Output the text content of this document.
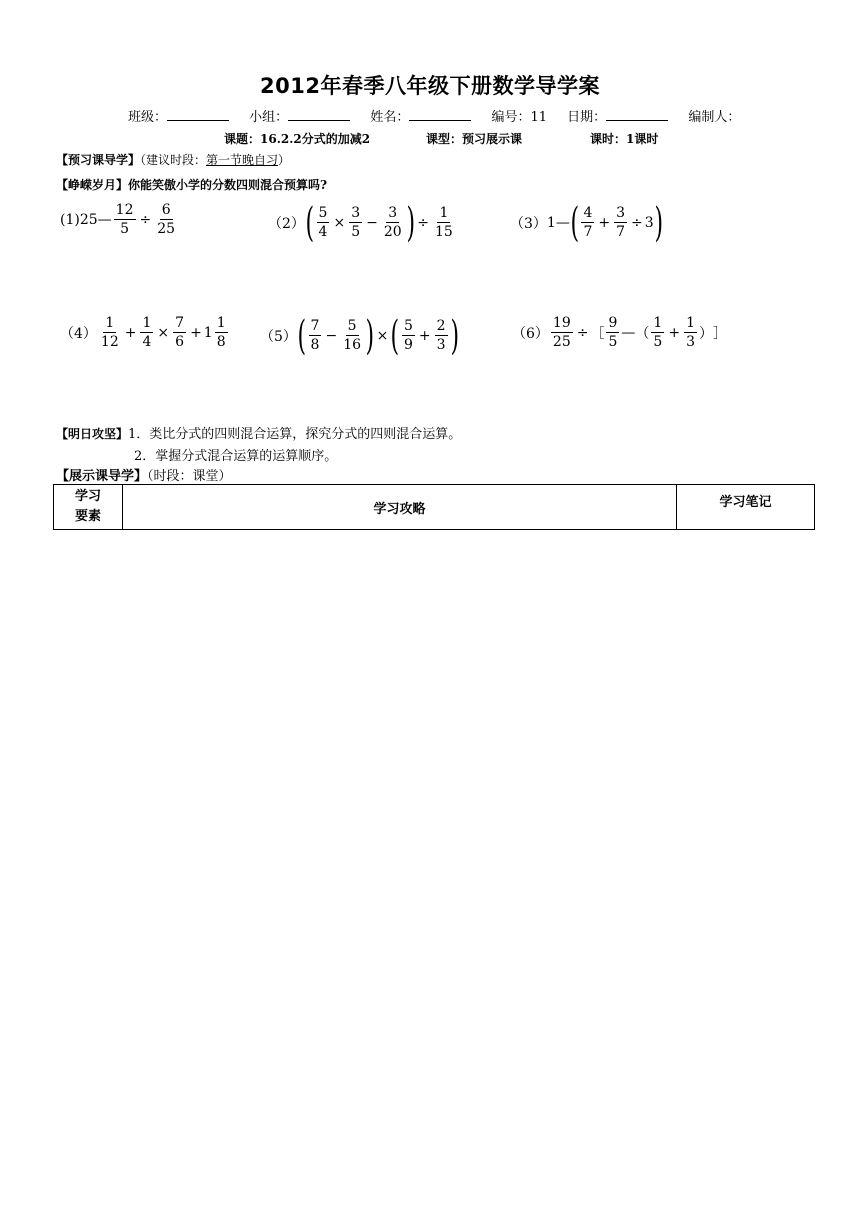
2012年春季八年级下册数学导学案
班级：	小组：	姓名：	编号：11 日期：	编制人：
课题：16.2.2分式的加减2	课型：预习展示课	课时：1课时
【预习课导学】（建议时段：第一节晚自习）
【峥嵘岁月】你能笑傲小学的分数四则混合预算吗?
(1) 25 — $\frac{12}{5} \div \frac{6}{25}$	（2） ( $\frac{5}{4} \times \frac{3}{5} - \frac{3}{20}$ ) ÷ $\frac{1}{15}$	（3） 1 — ( $\frac{4}{7} + \frac{3}{7} \div 3$ )
$(4) \frac{1}{12} + \frac{1}{4} \times \frac{7}{6} + 1 \frac{1}{8} (5)$ ( $\frac{7}{8} - \frac{5}{16}$ ) × ( $\frac{5}{9} + \frac{2}{3}$ )	$(6) \frac{19}{25}$ ÷ ［ $\frac{9}{5}$ — （ $\frac{1}{5} + \frac{1}{3}$ ） ］
【明日攻坚】1．类比分式的四则混合运算，探究分式的四则混合运算。
2．掌握分式混合运算的运算顺序。
【展示课导学】（时段：课堂）
学习
要素	学习攻略	学习笔记
